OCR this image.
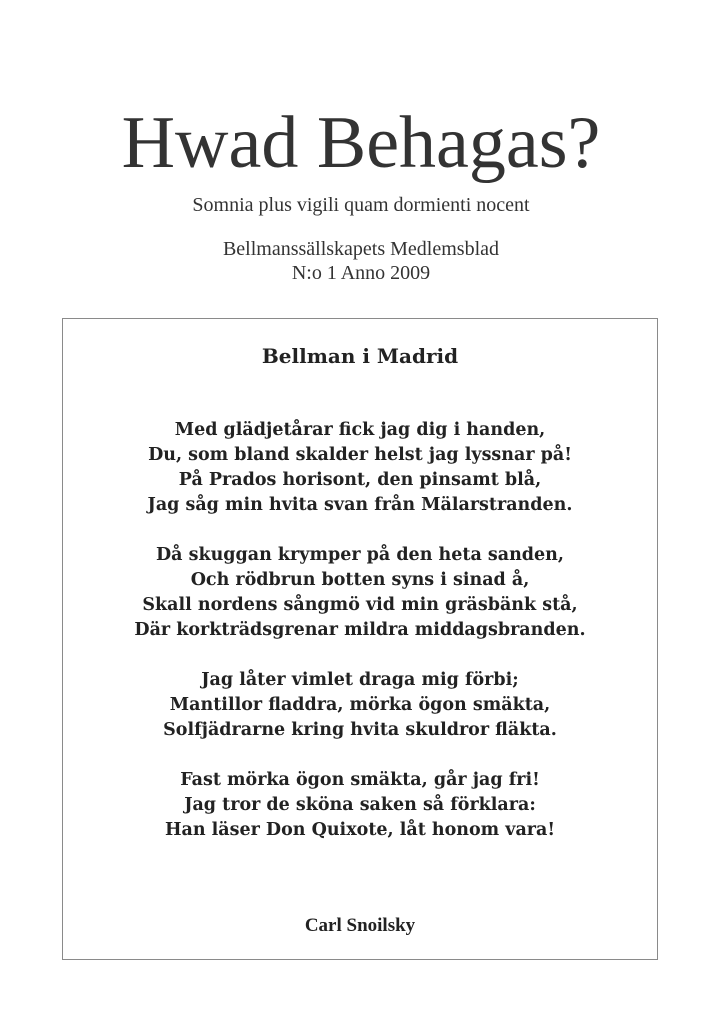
Hwad Behagas?
Somnia plus vigili quam dormienti nocent
Bellmanssällskapets Medlemsblad
N:o 1 Anno 2009
Bellman i Madrid
Med glädjetårar fick jag dig i handen,
Du, som bland skalder helst jag lyssnar på!
På Prados horisont, den pinsamt blå,
Jag såg min hvita svan från Mälarstranden.
Då skuggan krymper på den heta sanden,
Och rödbrun botten syns i sinad å,
Skall nordens sångmö vid min gräsbänk stå,
Där korkträdsgrenar mildra middagsbranden.
Jag låter vimlet draga mig förbi;
Mantillor fladdra, mörka ögon smäkta,
Solfjädrarne kring hvita skuldror fläkta.
Fast mörka ögon smäkta, går jag fri!
Jag tror de sköna saken så förklara:
Han läser Don Quixote, låt honom vara!
Carl Snoilsky
